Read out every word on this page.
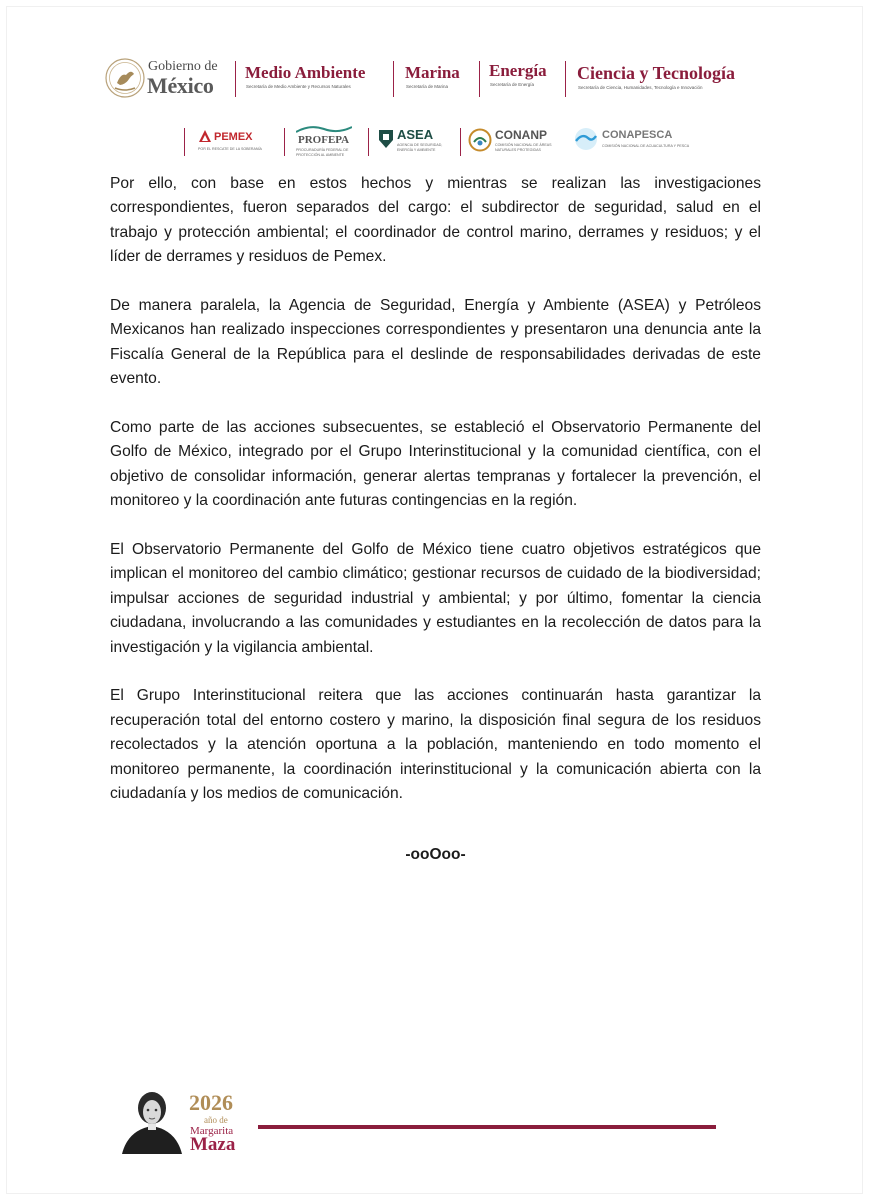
Gobierno de
México
Medio Ambiente
Secretaría de Medio Ambiente y Recursos Naturales
Marina
Secretaría de Marina
Energía
Secretaría de Energía
Ciencia y Tecnología
Secretaría de Ciencia, Humanidades, Tecnología e Innovación
PEMEX
POR EL RESCATE DE LA SOBERANÍA
PROFEPA
PROCURADURÍA FEDERAL DE PROTECCIÓN AL AMBIENTE
ASEA
AGENCIA DE SEGURIDAD, ENERGÍA Y AMBIENTE
CONANP
COMISIÓN NACIONAL DE ÁREAS NATURALES PROTEGIDAS
CONAPESCA
COMISIÓN NACIONAL DE ACUACULTURA Y PESCA

Por ello, con base en estos hechos y mientras se realizan las investigaciones correspondientes, fueron separados del cargo: el subdirector de seguridad, salud en el trabajo y protección ambiental; el coordinador de control marino, derrames y residuos; y el líder de derrames y residuos de Pemex.

De manera paralela, la Agencia de Seguridad, Energía y Ambiente (ASEA) y Petróleos Mexicanos han realizado inspecciones correspondientes y presentaron una denuncia ante la Fiscalía General de la República para el deslinde de responsabilidades derivadas de este evento.

Como parte de las acciones subsecuentes, se estableció el Observatorio Permanente del Golfo de México, integrado por el Grupo Interinstitucional y la comunidad científica, con el objetivo de consolidar información, generar alertas tempranas y fortalecer la prevención, el monitoreo y la coordinación ante futuras contingencias en la región.

El Observatorio Permanente del Golfo de México tiene cuatro objetivos estratégicos que implican el monitoreo del cambio climático; gestionar recursos de cuidado de la biodiversidad; impulsar acciones de seguridad industrial y ambiental; y por último, fomentar la ciencia ciudadana, involucrando a las comunidades y estudiantes en la recolección de datos para la investigación y la vigilancia ambiental.

El Grupo Interinstitucional reitera que las acciones continuarán hasta garantizar la recuperación total del entorno costero y marino, la disposición final segura de los residuos recolectados y la atención oportuna a la población, manteniendo en todo momento el monitoreo permanente, la coordinación interinstitucional y la comunicación abierta con la ciudadanía y los medios de comunicación.

-ooOoo-
2026
año de
Margarita
Maza
